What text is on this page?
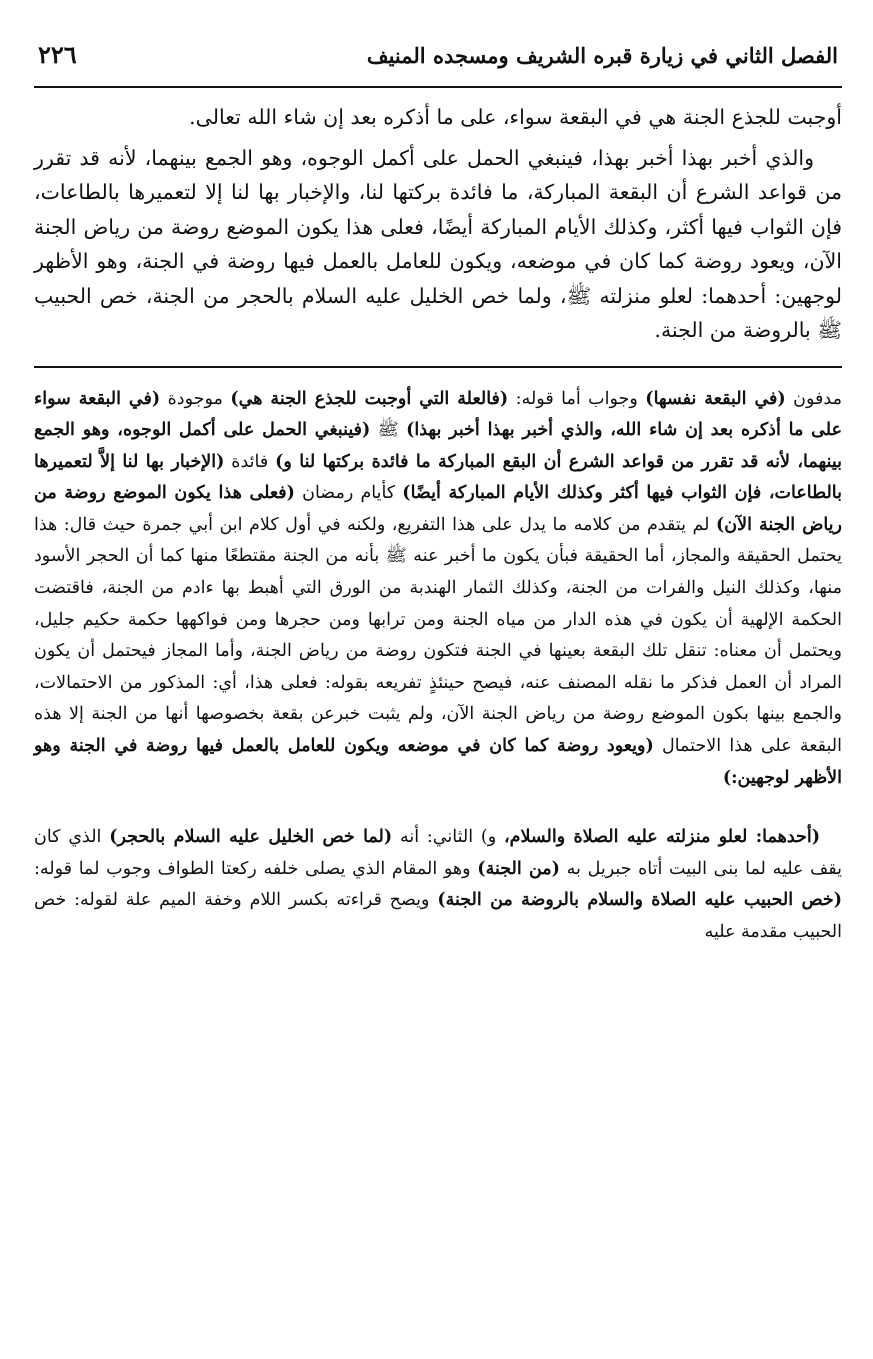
الفصل الثاني في زيارة قبره الشريف ومسجده المنيف
٢٢٦

أوجبت للجذع الجنة هي في البقعة سواء، على ما أذكره بعد إن شاء الله تعالى.

والذي أخبر بهذا أخبر بهذا، فينبغي الحمل على أكمل الوجوه، وهو الجمع بينهما، لأنه قد تقرر من قواعد الشرع أن البقعة المباركة، ما فائدة بركتها لنا، والإخبار بها لنا إلا لتعميرها بالطاعات، فإن الثواب فيها أكثر، وكذلك الأيام المباركة أيضًا، فعلى هذا يكون الموضع روضة من رياض الجنة الآن، ويعود روضة كما كان في موضعه، ويكون للعامل بالعمل فيها روضة في الجنة، وهو الأظهر لوجهين: أحدهما: لعلو منزلته ﷺ، ولما خص الخليل عليه السلام بالحجر من الجنة، خص الحبيب ﷺ بالروضة من الجنة.

مدفون (في البقعة نفسها) وجواب أما قوله: (فالعلة التي أوجبت للجذع الجنة هي) موجودة (في البقعة سواء على ما أذكره بعد إن شاء الله، والذي أخبر بهذا أخبر بهذا) ﷺ (فينبغي الحمل على أكمل الوجوه، وهو الجمع بينهما، لأنه قد تقرر من قواعد الشرع أن البقع المباركة ما فائدة بركتها لنا و) فائدة (الإخبار بها لنا إلاَّ لتعميرها بالطاعات، فإن الثواب فيها أكثر وكذلك الأيام المباركة أيضًا) كأيام رمضان (فعلى هذا يكون الموضع روضة من رياض الجنة الآن) لم يتقدم من كلامه ما يدل على هذا التفريع، ولكنه في أول كلام ابن أبي جمرة حيث قال: هذا يحتمل الحقيقة والمجاز، أما الحقيقة فبأن يكون ما أخبر عنه ﷺ بأنه من الجنة مقتطعًا منها كما أن الحجر الأسود منها، وكذلك النيل والفرات من الجنة، وكذلك الثمار الهندبة من الورق التي أهبط بها ءادم من الجنة، فاقتضت الحكمة الإلهية أن يكون في هذه الدار من مياه الجنة ومن ترابها ومن حجرها ومن فواكهها حكمة حكيم جليل، ويحتمل أن معناه: تنقل تلك البقعة بعينها في الجنة فتكون روضة من رياض الجنة، وأما المجاز فيحتمل أن يكون المراد أن العمل فذكر ما نقله المصنف عنه، فيصح حينئذٍ تفريعه بقوله: فعلى هذا، أي: المذكور من الاحتمالات، والجمع بينها بكون الموضع روضة من رياض الجنة الآن، ولم يثبت خبرعن بقعة بخصوصها أنها من الجنة إلا هذه البقعة على هذا الاحتمال (ويعود روضة كما كان في موضعه ويكون للعامل بالعمل فيها روضة في الجنة وهو الأظهر لوجهين:)

(أحدهما: لعلو منزلته عليه الصلاة والسلام، و) الثاني: أنه (لما خص الخليل عليه السلام بالحجر) الذي كان يقف عليه لما بنى البيت أتاه جبريل به (من الجنة) وهو المقام الذي يصلى خلفه ركعتا الطواف وجوب لما قوله: (خص الحبيب عليه الصلاة والسلام بالروضة من الجنة) ويصح قراءته بكسر اللام وخفة الميم علة لقوله: خص الحبيب مقدمة عليه
